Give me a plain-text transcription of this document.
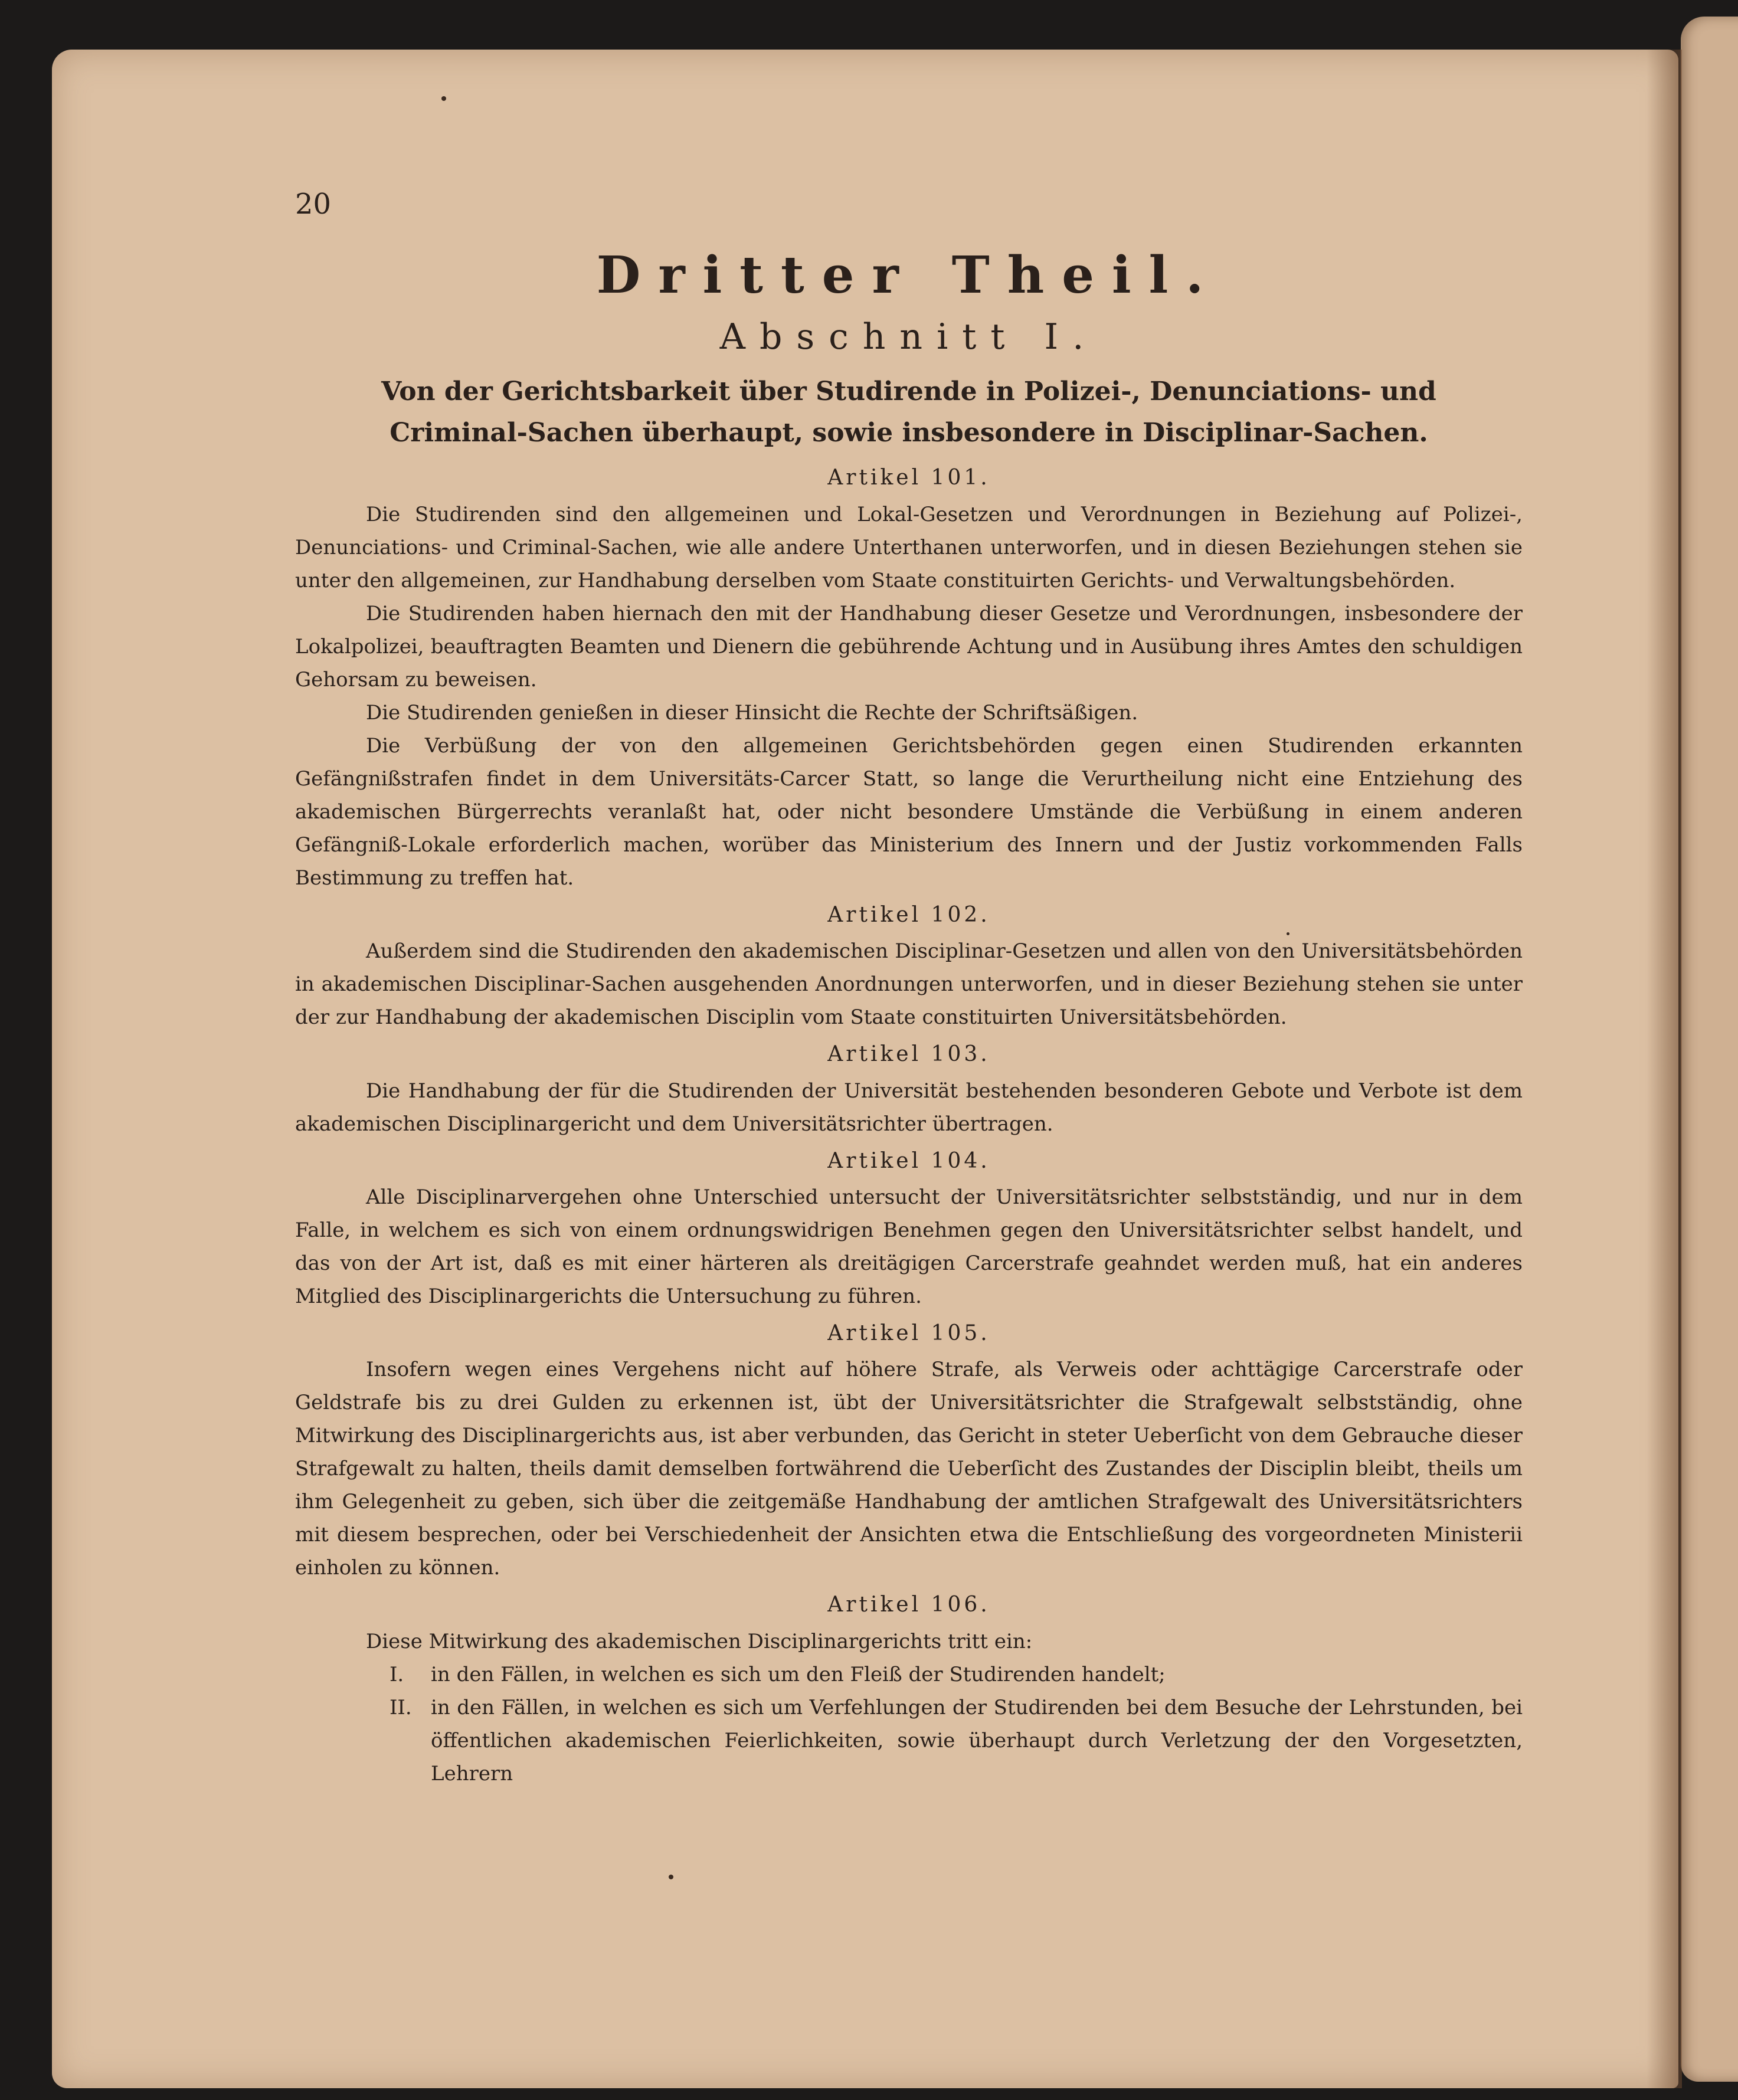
20
Dritter Theil.
Abschnitt I.
Von der Gerichtsbarkeit über Studirende in Polizei-, Denunciations- und Criminal-Sachen überhaupt, sowie insbesondere in Disciplinar-Sachen.
Artikel 101.

Die Studirenden sind den allgemeinen und Lokal-Gesetzen und Verordnungen in Beziehung auf Polizei-, Denunciations- und Criminal-Sachen, wie alle andere Unterthanen unterworfen, und in diesen Beziehungen stehen sie unter den allgemeinen, zur Handhabung derselben vom Staate constituirten Gerichts- und Verwaltungsbehörden.

Die Studirenden haben hiernach den mit der Handhabung dieser Gesetze und Verordnungen, insbesondere der Lokalpolizei, beauftragten Beamten und Dienern die gebührende Achtung und in Ausübung ihres Amtes den schuldigen Gehorsam zu beweisen.

Die Studirenden genießen in dieser Hinsicht die Rechte der Schriftsäßigen.

Die Verbüßung der von den allgemeinen Gerichtsbehörden gegen einen Studirenden erkannten Gefängnißstrafen findet in dem Universitäts-Carcer Statt, so lange die Verurtheilung nicht eine Entziehung des akademischen Bürgerrechts veranlaßt hat, oder nicht besondere Umstände die Verbüßung in einem anderen Gefängniß-Lokale erforderlich machen, worüber das Ministerium des Innern und der Justiz vorkommenden Falls Bestimmung zu treffen hat.

Artikel 102.

Außerdem sind die Studirenden den akademischen Disciplinar-Gesetzen und allen von den Universitätsbehörden in akademischen Disciplinar-Sachen ausgehenden Anordnungen unterworfen, und in dieser Beziehung stehen sie unter der zur Handhabung der akademischen Disciplin vom Staate constituirten Universitätsbehörden.

Artikel 103.

Die Handhabung der für die Studirenden der Universität bestehenden besonderen Gebote und Verbote ist dem akademischen Disciplinargericht und dem Universitätsrichter übertragen.

Artikel 104.

Alle Disciplinarvergehen ohne Unterschied untersucht der Universitätsrichter selbstständig, und nur in dem Falle, in welchem es sich von einem ordnungswidrigen Benehmen gegen den Universitätsrichter selbst handelt, und das von der Art ist, daß es mit einer härteren als dreitägigen Carcerstrafe geahndet werden muß, hat ein anderes Mitglied des Disciplinargerichts die Untersuchung zu führen.

Artikel 105.

Insofern wegen eines Vergehens nicht auf höhere Strafe, als Verweis oder achttägige Carcerstrafe oder Geldstrafe bis zu drei Gulden zu erkennen ist, übt der Universitätsrichter die Strafgewalt selbstständig, ohne Mitwirkung des Disciplinargerichts aus, ist aber verbunden, das Gericht in steter Ueberſicht von dem Gebrauche dieser Strafgewalt zu halten, theils damit demselben fortwährend die Ueberſicht des Zustandes der Disciplin bleibt, theils um ihm Gelegenheit zu geben, sich über die zeitgemäße Handhabung der amtlichen Strafgewalt des Universitätsrichters mit diesem besprechen, oder bei Verschiedenheit der Ansichten etwa die Entschließung des vorgeordneten Ministerii einholen zu können.

Artikel 106.

Diese Mitwirkung des akademischen Disciplinargerichts tritt ein:

I. in den Fällen, in welchen es sich um den Fleiß der Studirenden handelt;
II. in den Fällen, in welchen es sich um Verfehlungen der Studirenden bei dem Besuche der Lehrstunden, bei öffentlichen akademischen Feierlichkeiten, sowie überhaupt durch Verletzung der den Vorgesetzten, Lehrern
